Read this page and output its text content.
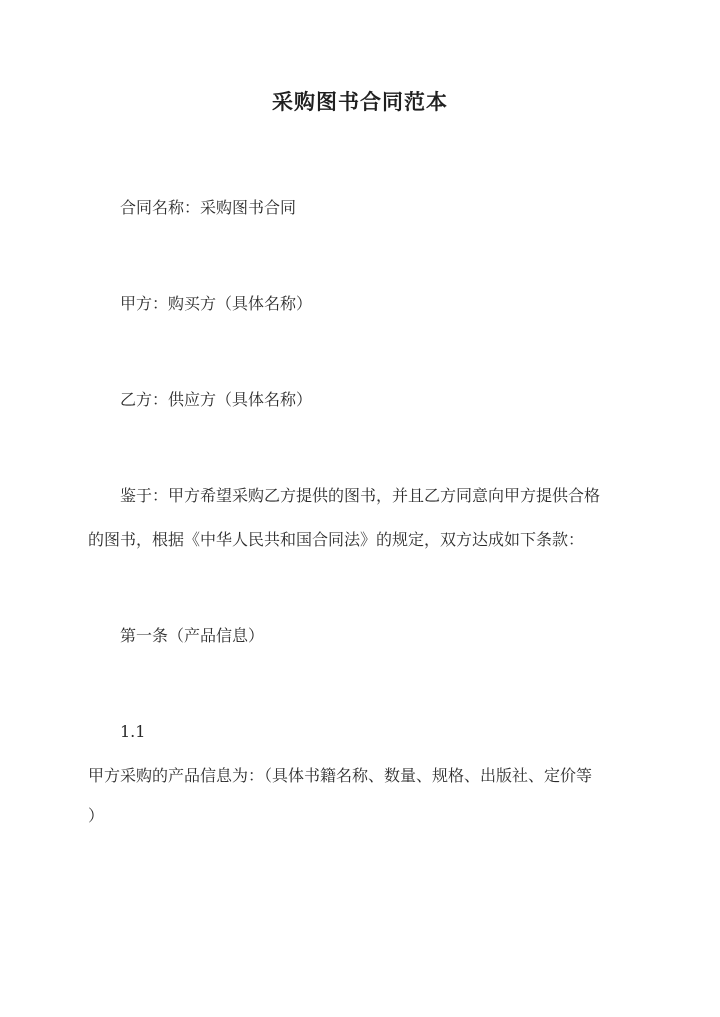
采购图书合同范本
合同名称：采购图书合同
甲方：购买方（具体名称）
乙方：供应方（具体名称）
鉴于：甲方希望采购乙方提供的图书，并且乙方同意向甲方提供合格
的图书，根据《中华人民共和国合同法》的规定，双方达成如下条款：
第一条（产品信息）
1.1
甲方采购的产品信息为：（具体书籍名称、数量、规格、出版社、定价等
）
